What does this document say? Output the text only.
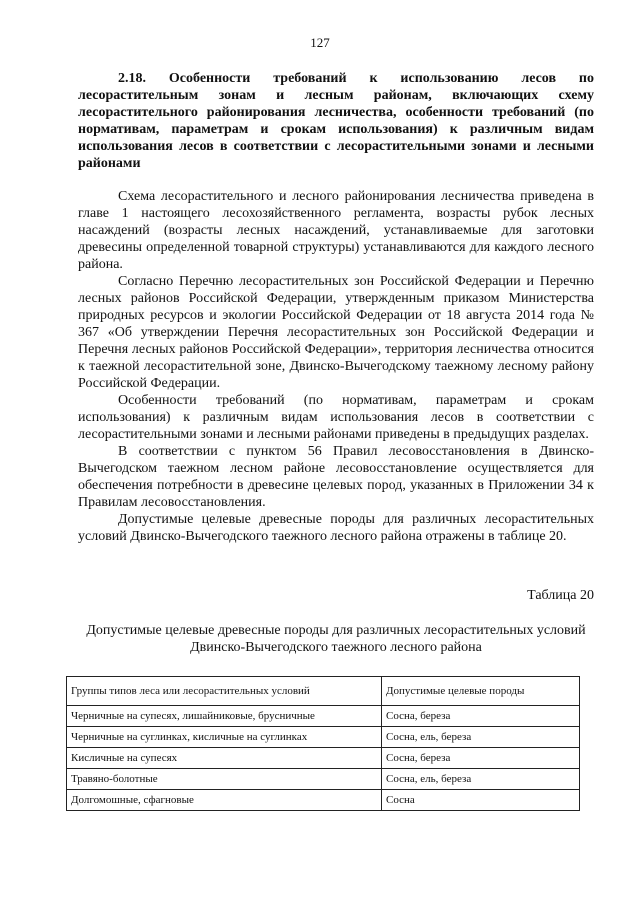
127
2.18. Особенности требований к использованию лесов по лесорастительным зонам и лесным районам, включающих схему лесорастительного районирования лесничества, особенности требований (по нормативам, параметрам и срокам использования) к различным видам использования лесов в соответствии с лесорастительными зонами и лесными районами

Схема лесорастительного и лесного районирования лесничества приведена в главе 1 настоящего лесохозяйственного регламента, возрасты рубок лесных насаждений (возрасты лесных насаждений, устанавливаемые для заготовки древесины определенной товарной структуры) устанавливаются для каждого лесного района.

Согласно Перечню лесорастительных зон Российской Федерации и Перечню лесных районов Российской Федерации, утвержденным приказом Министерства природных ресурсов и экологии Российской Федерации от 18 августа 2014 года № 367 «Об утверждении Перечня лесорастительных зон Российской Федерации и Перечня лесных районов Российской Федерации», территория лесничества относится к таежной лесорастительной зоне, Двинско-Вычегодскому таежному лесному району Российской Федерации.

Особенности требований (по нормативам, параметрам и срокам использования) к различным видам использования лесов в соответствии с лесорастительными зонами и лесными районами приведены в предыдущих разделах.

В соответствии с пунктом 56 Правил лесовосстановления в Двинско-Вычегодском таежном лесном районе лесовосстановление осуществляется для обеспечения потребности в древесине целевых пород, указанных в Приложении 34 к Правилам лесовосстановления.

Допустимые целевые древесные породы для различных лесорастительных условий Двинско-Вычегодского таежного лесного района отражены в таблице 20.

Таблица 20
Допустимые целевые древесные породы для различных лесорастительных условий Двинско-Вычегодского таежного лесного района
Группы типов леса или лесорастительных условий	Допустимые целевые породы
Черничные на супесях, лишайниковые, брусничные	Сосна, береза
Черничные на суглинках, кисличные на суглинках	Сосна, ель, береза
Кисличные на супесях	Сосна, береза
Травяно-болотные	Сосна, ель, береза
Долгомошные, сфагновые	Сосна
